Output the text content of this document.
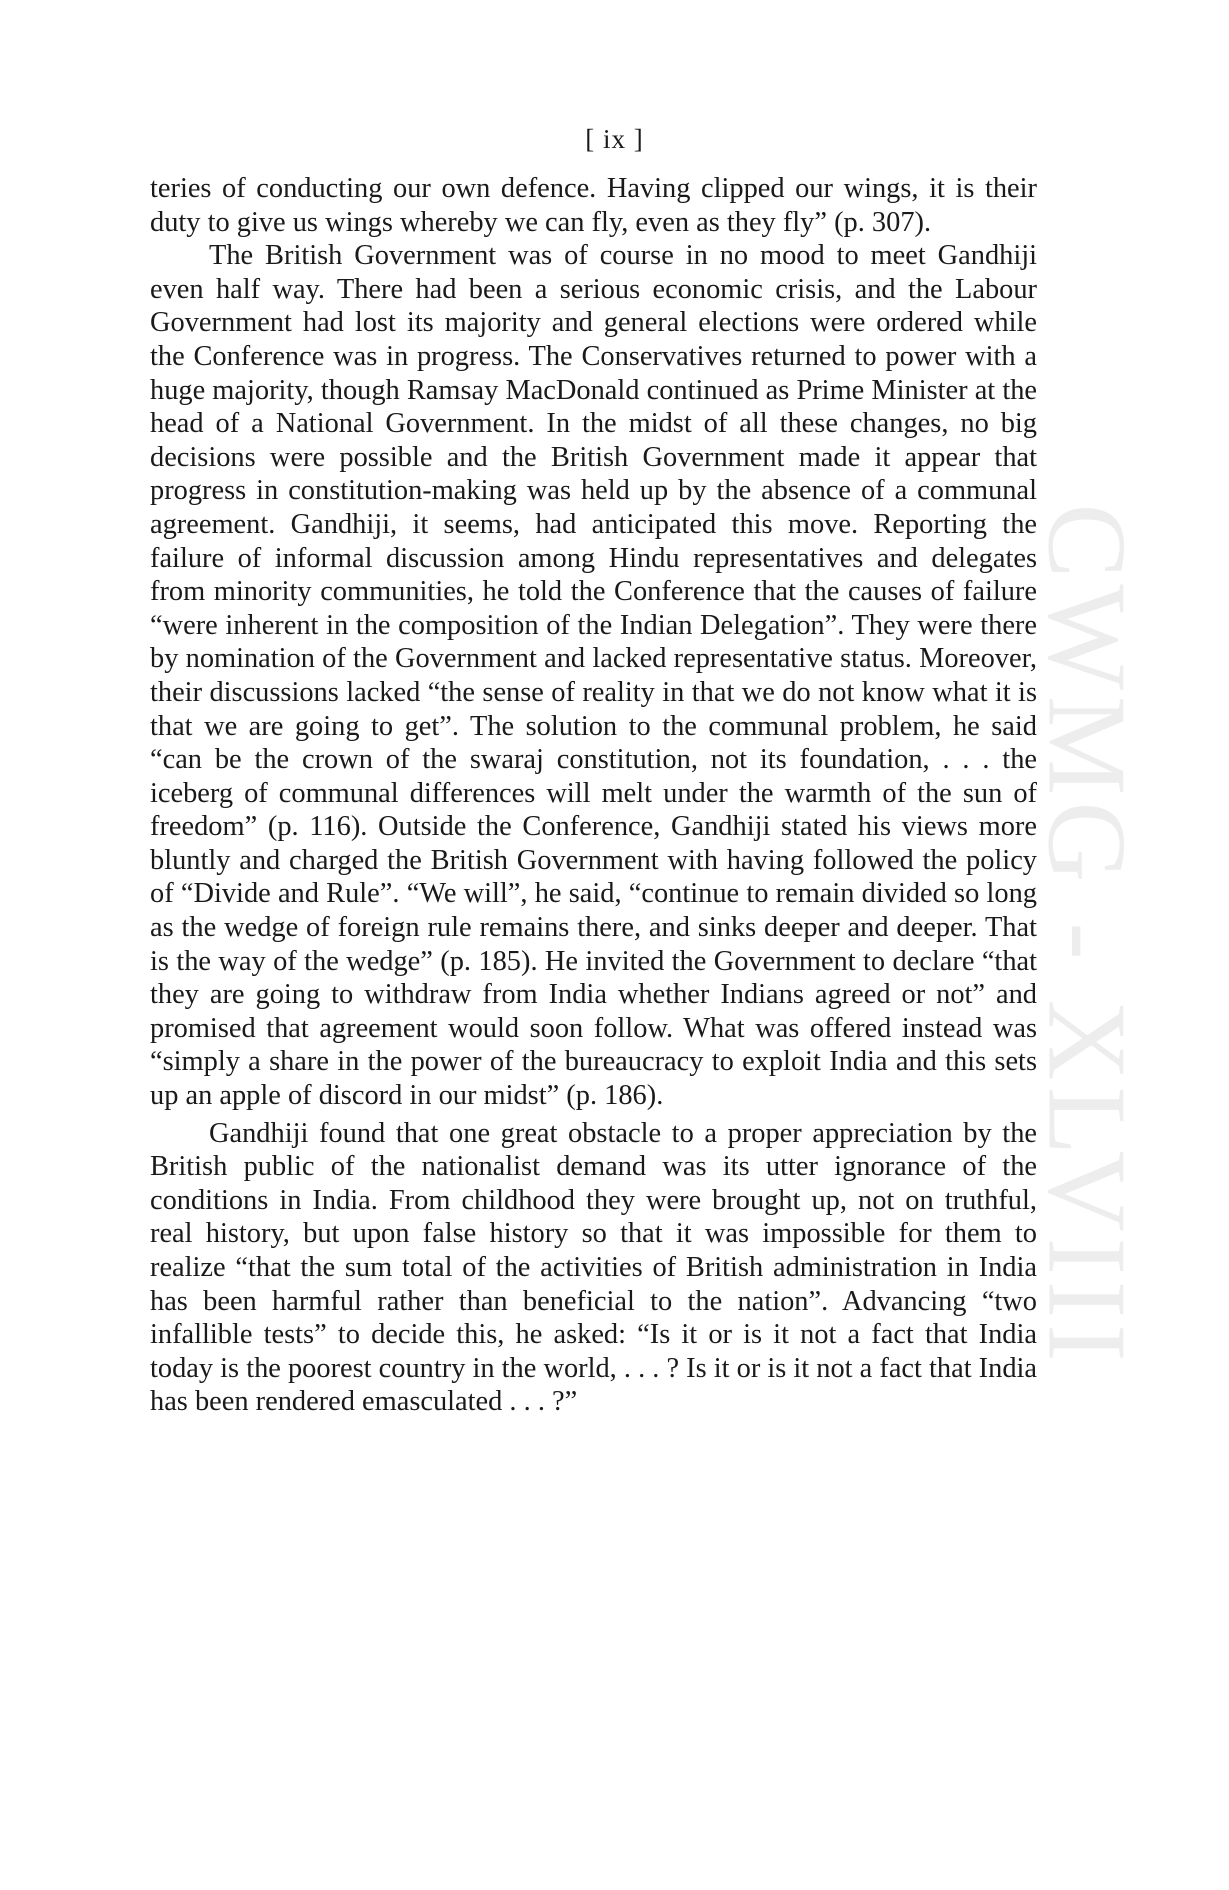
CWMG - XLVIII
[ ix ]

teries of conducting our own defence. Having clipped our wings, it is their duty to give us wings whereby we can fly, even as they fly” (p. 307).

The British Government was of course in no mood to meet Gandhiji even half way. There had been a serious economic crisis, and the Labour Government had lost its majority and general elections were ordered while the Conference was in progress. The Conservatives returned to power with a huge majority, though Ramsay MacDonald continued as Prime Minister at the head of a National Government. In the midst of all these changes, no big decisions were possible and the British Government made it appear that progress in constitution-making was held up by the absence of a communal agreement. Gandhiji, it seems, had anticipated this move. Reporting the failure of informal discussion among Hindu representatives and delegates from minority communities, he told the Conference that the causes of failure “were inherent in the composition of the Indian Delegation”. They were there by nomination of the Government and lacked representative status. Moreover, their discussions lacked “the sense of reality in that we do not know what it is that we are going to get”. The solution to the communal problem, he said “can be the crown of the swaraj constitution, not its foundation, . . . the iceberg of communal differences will melt under the warmth of the sun of freedom” (p. 116). Outside the Conference, Gandhiji stated his views more bluntly and charged the British Government with having followed the policy of “Divide and Rule”. “We will”, he said, “continue to remain divided so long as the wedge of foreign rule remains there, and sinks deeper and deeper. That is the way of the wedge” (p. 185). He invited the Government to declare “that they are going to withdraw from India whether Indians agreed or not” and promised that agreement would soon follow. What was offered instead was “simply a share in the power of the bureaucracy to exploit India and this sets up an apple of discord in our midst” (p. 186).

Gandhiji found that one great obstacle to a proper appreciation by the British public of the nationalist demand was its utter ignorance of the conditions in India. From childhood they were brought up, not on truthful, real history, but upon false history so that it was impossible for them to realize “that the sum total of the activities of British administration in India has been harmful rather than beneficial to the nation”. Advancing “two infallible tests” to decide this, he asked: “Is it or is it not a fact that India today is the poorest country in the world, . . . ? Is it or is it not a fact that India has been rendered emasculated . . . ?”
